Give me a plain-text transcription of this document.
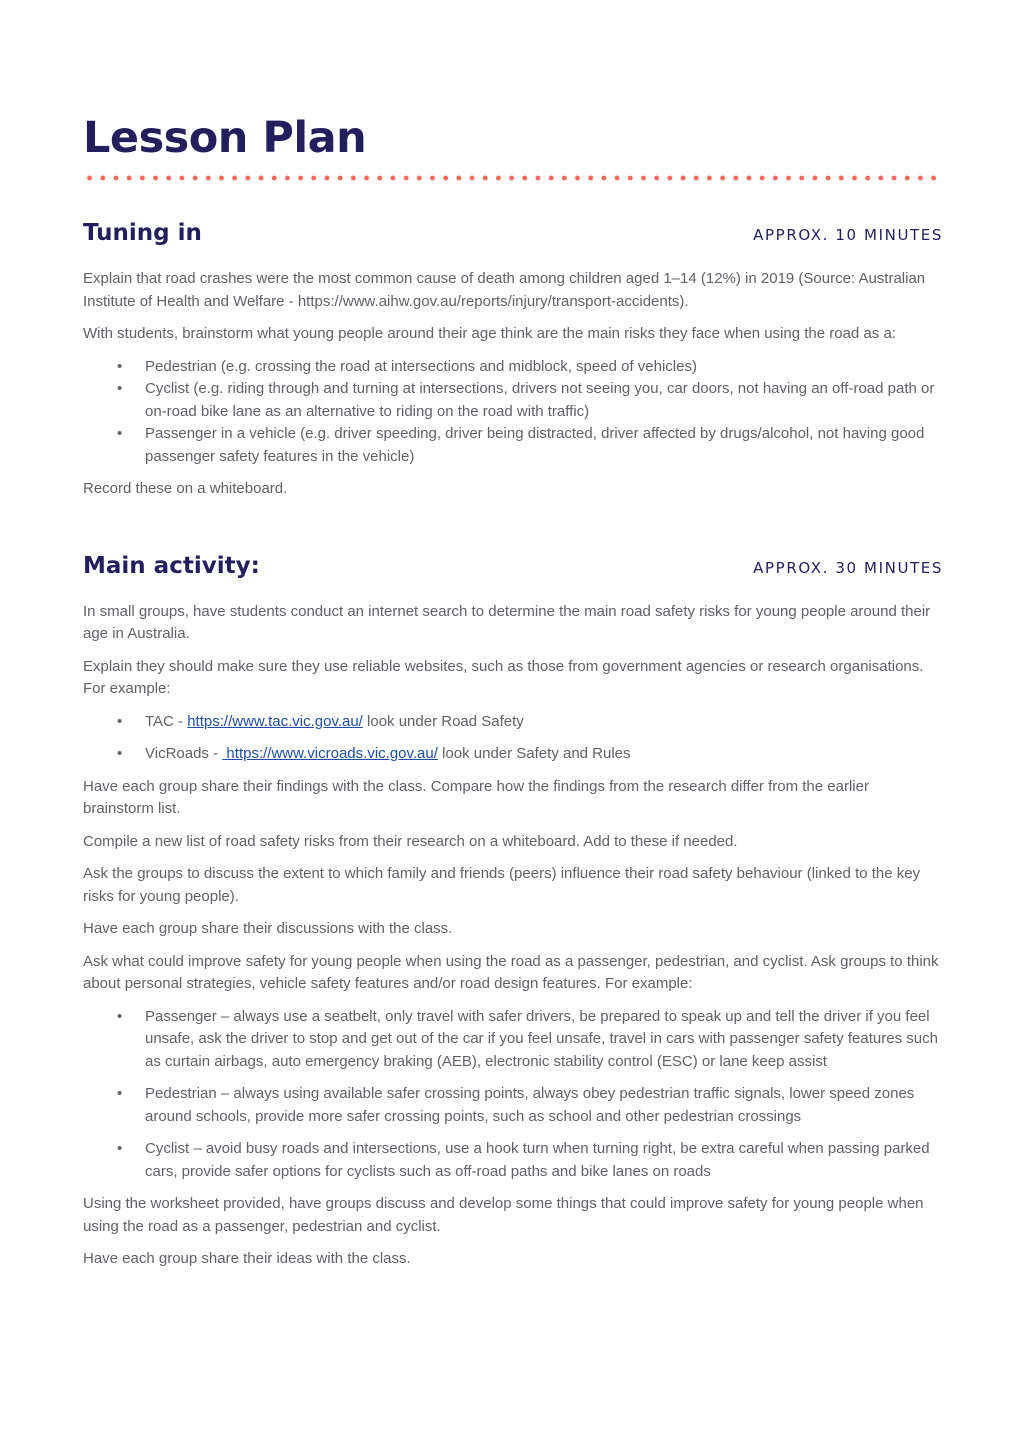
Lesson Plan
Tuning in	APPROX. 10 MINUTES

Explain that road crashes were the most common cause of death among children aged 1–14 (12%) in 2019 (Source: Australian Institute of Health and Welfare - https://www.aihw.gov.au/reports/injury/transport-accidents).

With students, brainstorm what young people around their age think are the main risks they face when using the road as a:

• Pedestrian (e.g. crossing the road at intersections and midblock, speed of vehicles)
• Cyclist (e.g. riding through and turning at intersections, drivers not seeing you, car doors, not having an off-road path or on-road bike lane as an alternative to riding on the road with traffic)
• Passenger in a vehicle (e.g. driver speeding, driver being distracted, driver affected by drugs/alcohol, not having good passenger safety features in the vehicle)

Record these on a whiteboard.

Main activity:	APPROX. 30 MINUTES

In small groups, have students conduct an internet search to determine the main road safety risks for young people around their age in Australia.

Explain they should make sure they use reliable websites, such as those from government agencies or research organisations. For example:

• TAC - https://www.tac.vic.gov.au/ look under Road Safety
• VicRoads -  https://www.vicroads.vic.gov.au/ look under Safety and Rules

Have each group share their findings with the class. Compare how the findings from the research differ from the earlier brainstorm list.

Compile a new list of road safety risks from their research on a whiteboard. Add to these if needed.

Ask the groups to discuss the extent to which family and friends (peers) influence their road safety behaviour (linked to the key risks for young people).

Have each group share their discussions with the class.

Ask what could improve safety for young people when using the road as a passenger, pedestrian, and cyclist. Ask groups to think about personal strategies, vehicle safety features and/or road design features. For example:

• Passenger – always use a seatbelt, only travel with safer drivers, be prepared to speak up and tell the driver if you feel unsafe, ask the driver to stop and get out of the car if you feel unsafe, travel in cars with passenger safety features such as curtain airbags, auto emergency braking (AEB), electronic stability control (ESC) or lane keep assist
• Pedestrian – always using available safer crossing points, always obey pedestrian traffic signals, lower speed zones around schools, provide more safer crossing points, such as school and other pedestrian crossings
• Cyclist – avoid busy roads and intersections, use a hook turn when turning right, be extra careful when passing parked cars, provide safer options for cyclists such as off-road paths and bike lanes on roads

Using the worksheet provided, have groups discuss and develop some things that could improve safety for young people when using the road as a passenger, pedestrian and cyclist.

Have each group share their ideas with the class.
